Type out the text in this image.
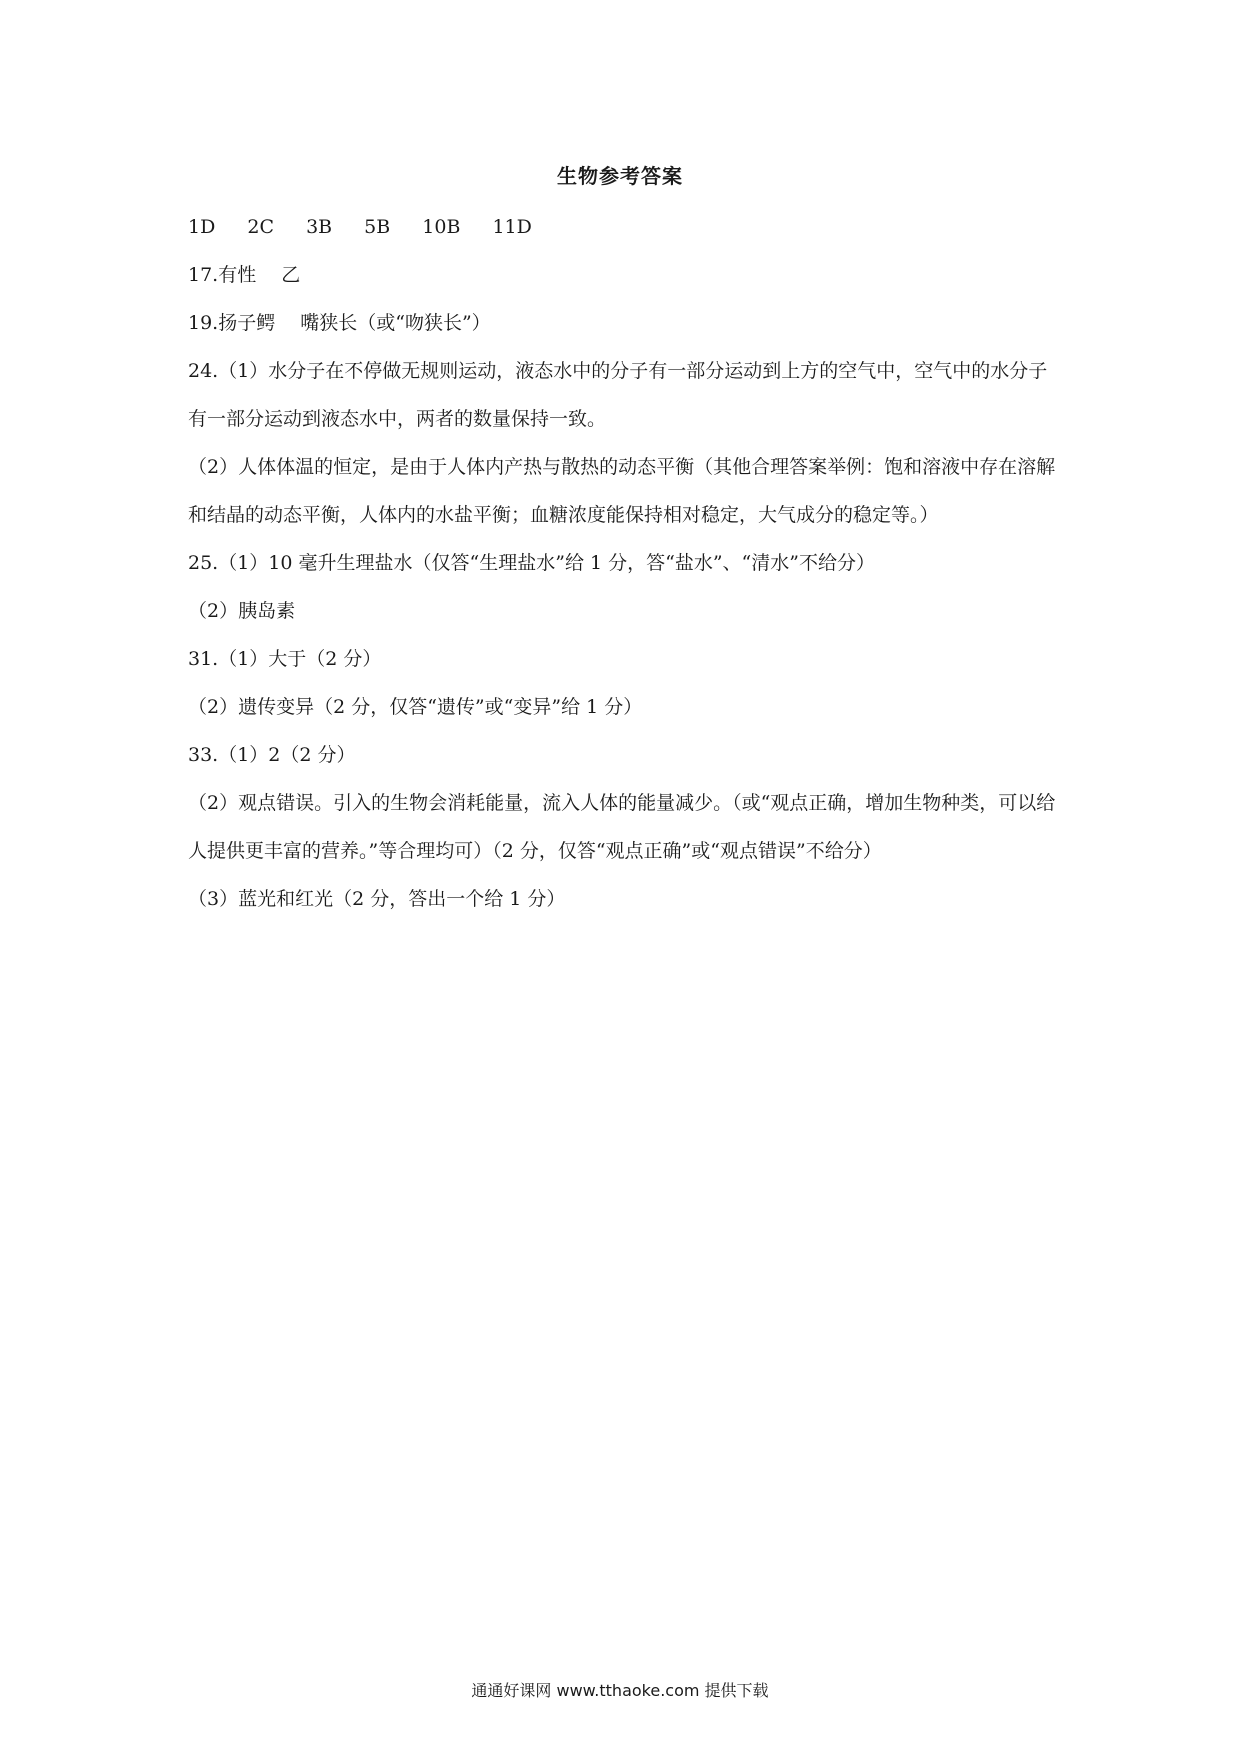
生物参考答案
1D 2C 3B 5B 10B 11D
17.有性　 乙
19.扬子鳄　 嘴狭长（或“吻狭长”）
24.（1）水分子在不停做无规则运动，液态水中的分子有一部分运动到上方的空气中，空气中的水分子有一部分运动到液态水中，两者的数量保持一致。
（2）人体体温的恒定，是由于人体内产热与散热的动态平衡（其他合理答案举例：饱和溶液中存在溶解和结晶的动态平衡，人体内的水盐平衡；血糖浓度能保持相对稳定，大气成分的稳定等。）
25.（1）10 毫升生理盐水（仅答“生理盐水”给 1 分，答“盐水”、“清水”不给分）
（2）胰岛素
31.（1）大于（2 分）
（2）遗传变异（2 分，仅答“遗传”或“变异”给 1 分）
33.（1）2（2 分）
（2）观点错误。引入的生物会消耗能量，流入人体的能量减少。（或“观点正确，增加生物种类，可以给人提供更丰富的营养。”等合理均可）（2 分，仅答“观点正确”或“观点错误”不给分）
（3）蓝光和红光（2 分，答出一个给 1 分）
通通好课网 www.tthaoke.com 提供下载
